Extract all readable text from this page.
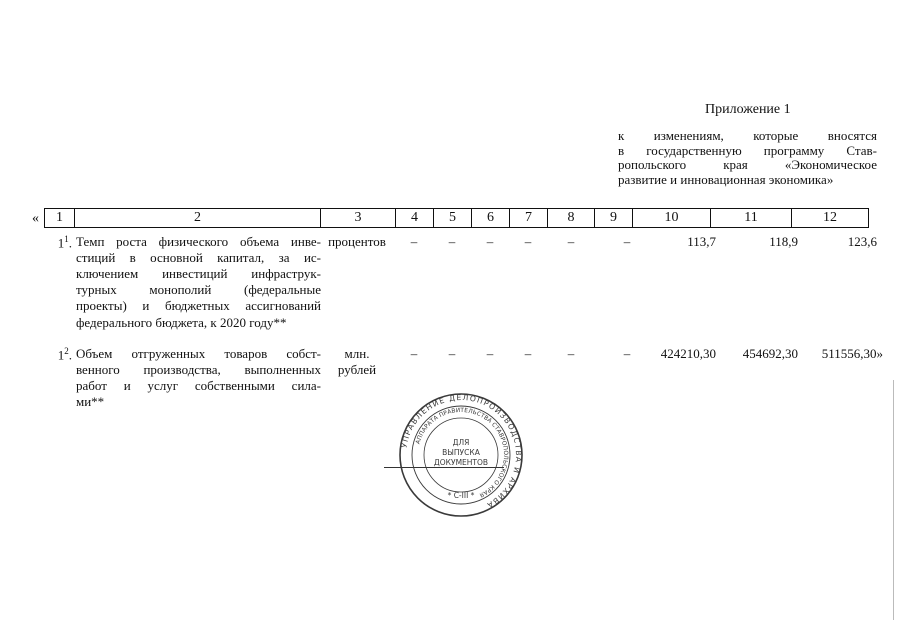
Приложение 1
к изменениям, которые вносятся
в государственную программу Став-
ропольского края «Экономическое
развитие и инновационная экономика»
« 1	2	3	4	5	6	7	8	9	10	11	12
$1^1$. Темп роста физического объема инве-
стиций в основной капитал, за ис-
ключением инвестиций инфраструк-
турных монополий (федеральные
проекты) и бюджетных ассигнований
федерального бюджета, к 2020 году**
процентов	–	–	–	–	–	–	113,7	118,9	123,6
$1^2$. Объем отгруженных товаров собст-
венного производства, выполненных
работ и услуг собственными сила-
ми**
млн.
рублей
–	–	–	–	–	–	424210,30	454692,30	511556,30»
УПРАВЛЕНИЕ ДЕЛОПРОИЗВОДСТВА И АРХИВА
АППАРАТА ПРАВИТЕЛЬСТВА СТАВРОПОЛЬСКОГО КРАЯ
ДЛЯ
ВЫПУСКА
ДОКУМЕНТОВ
* С-III *
